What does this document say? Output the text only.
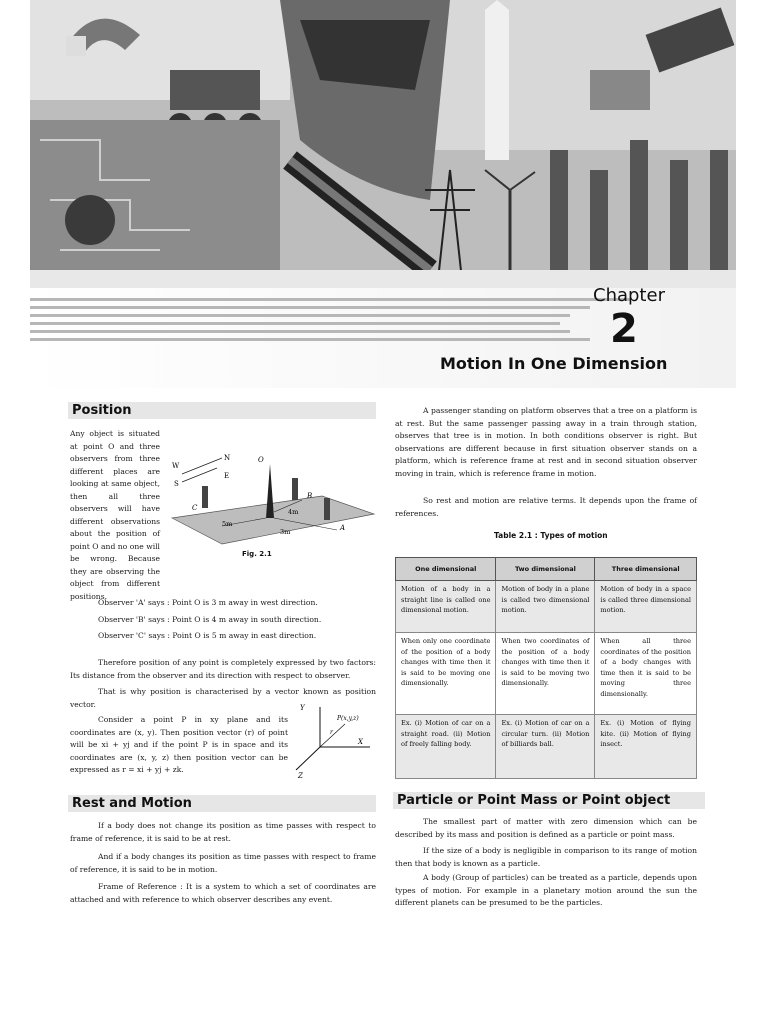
Chapter
2
Motion In One Dimension
Position
Any object is situated at point O and three observers from three different places are looking at same object, then all three observers will have different observations about the position of point O and no one will be wrong. Because they are observing the object from different positions.
W
N
E
S
O
C
B
A
4m
5m
3m
Fig. 2.1
Observer 'A' says : Point O is 3 m away in west direction.
Observer 'B' says : Point O is 4 m away in south direction.
Observer 'C' says : Point O is 5 m away in east direction.
Therefore position of any point is completely expressed by two factors: Its distance from the observer and its direction with respect to observer.
That is why position is characterised by a vector known as position vector.
Consider a point P in xy plane and its coordinates are (x, y). Then position vector (r) of point will be xi + yj and if the point P is in space and its coordinates are (x, y, z) then position vector can be expressed as r = xi + yj + zk.
Y
X
Z
P(x,y,z)
r
Rest and Motion
If a body does not change its position as time passes with respect to frame of reference, it is said to be at rest.
And if a body changes its position as time passes with respect to frame of reference, it is said to be in motion.
Frame of Reference : It is a system to which a set of coordinates are attached and with reference to which observer describes any event.
A passenger standing on platform observes that a tree on a platform is at rest. But the same passenger passing away in a train through station, observes that tree is in motion. In both conditions observer is right. But observations are different because in first situation observer stands on a platform, which is reference frame at rest and in second situation observer moving in train, which is reference frame in motion.
So rest and motion are relative terms. It depends upon the frame of references.
Table 2.1 : Types of motion
One dimensional	Two dimensional	Three dimensional
Motion of a body in a straight line is called one dimensional motion.	Motion of body in a plane is called two dimensional motion.	Motion of body in a space is called three dimensional motion.
When only one coordinate of the position of a body changes with time then it is said to be moving one dimensionally.	When two coordinates of the position of a body changes with time then it is said to be moving two dimensionally.	When all three coordinates of the position of a body changes with time then it is said to be moving three dimensionally.
Ex. (i) Motion of car on a straight road. (ii) Motion of freely falling body.	Ex. (i) Motion of car on a circular turn. (ii) Motion of billiards ball.	Ex. (i) Motion of flying kite. (ii) Motion of flying insect.
Particle or Point Mass or Point object
The smallest part of matter with zero dimension which can be described by its mass and position is defined as a particle or point mass.
If the size of a body is negligible in comparison to its range of motion then that body is known as a particle.
A body (Group of particles) can be treated as a particle, depends upon types of motion. For example in a planetary motion around the sun the different planets can be presumed to be the particles.
